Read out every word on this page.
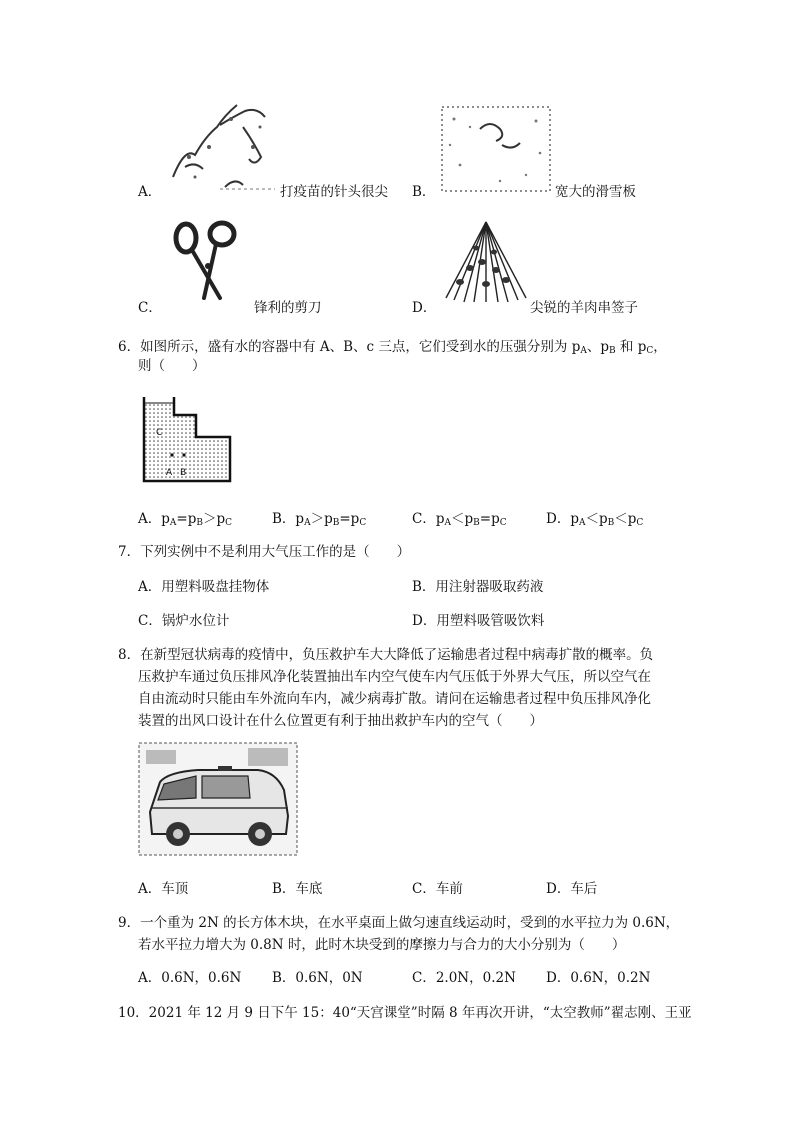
A．	打疫苗的针头很尖 B．	宽大的滑雪板
C．	锋利的剪刀	D．	尖锐的羊肉串签子
6．如图所示，盛有水的容器中有 A、B、c 三点，它们受到水的压强分别为 $p_A$、$p_B$ 和 $p_C$，
则（　　）
C
B
A
A．$p_A=p_B>p_C$	B．$p_A>p_B=p_C$	C．$p_A<p_B=p_C$	D．$p_A<p_B<p_C$
7．下列实例中不是利用大气压工作的是（　　）
A．用塑料吸盘挂物体	B．用注射器吸取药液
C．锅炉水位计	D．用塑料吸管吸饮料
8．在新型冠状病毒的疫情中，负压救护车大大降低了运输患者过程中病毒扩散的概率。负
压救护车通过负压排风净化装置抽出车内空气使车内气压低于外界大气压，所以空气在
自由流动时只能由车外流向车内，减少病毒扩散。请问在运输患者过程中负压排风净化
装置的出风口设计在什么位置更有利于抽出救护车内的空气（　　）
A．车顶	B．车底	C．车前	D．车后
9．一个重为 2N 的长方体木块，在水平桌面上做匀速直线运动时，受到的水平拉力为 0.6N，
若水平拉力增大为 0.8N 时，此时木块受到的摩擦力与合力的大小分别为（　　）
A．0.6N，0.6N B．0.6N，0N	C．2.0N，0.2N D．0.6N，0.2N
10．2021 年 12 月 9 日下午 15：40“天宫课堂”时隔 8 年再次开讲，“太空教师”翟志刚、王亚
